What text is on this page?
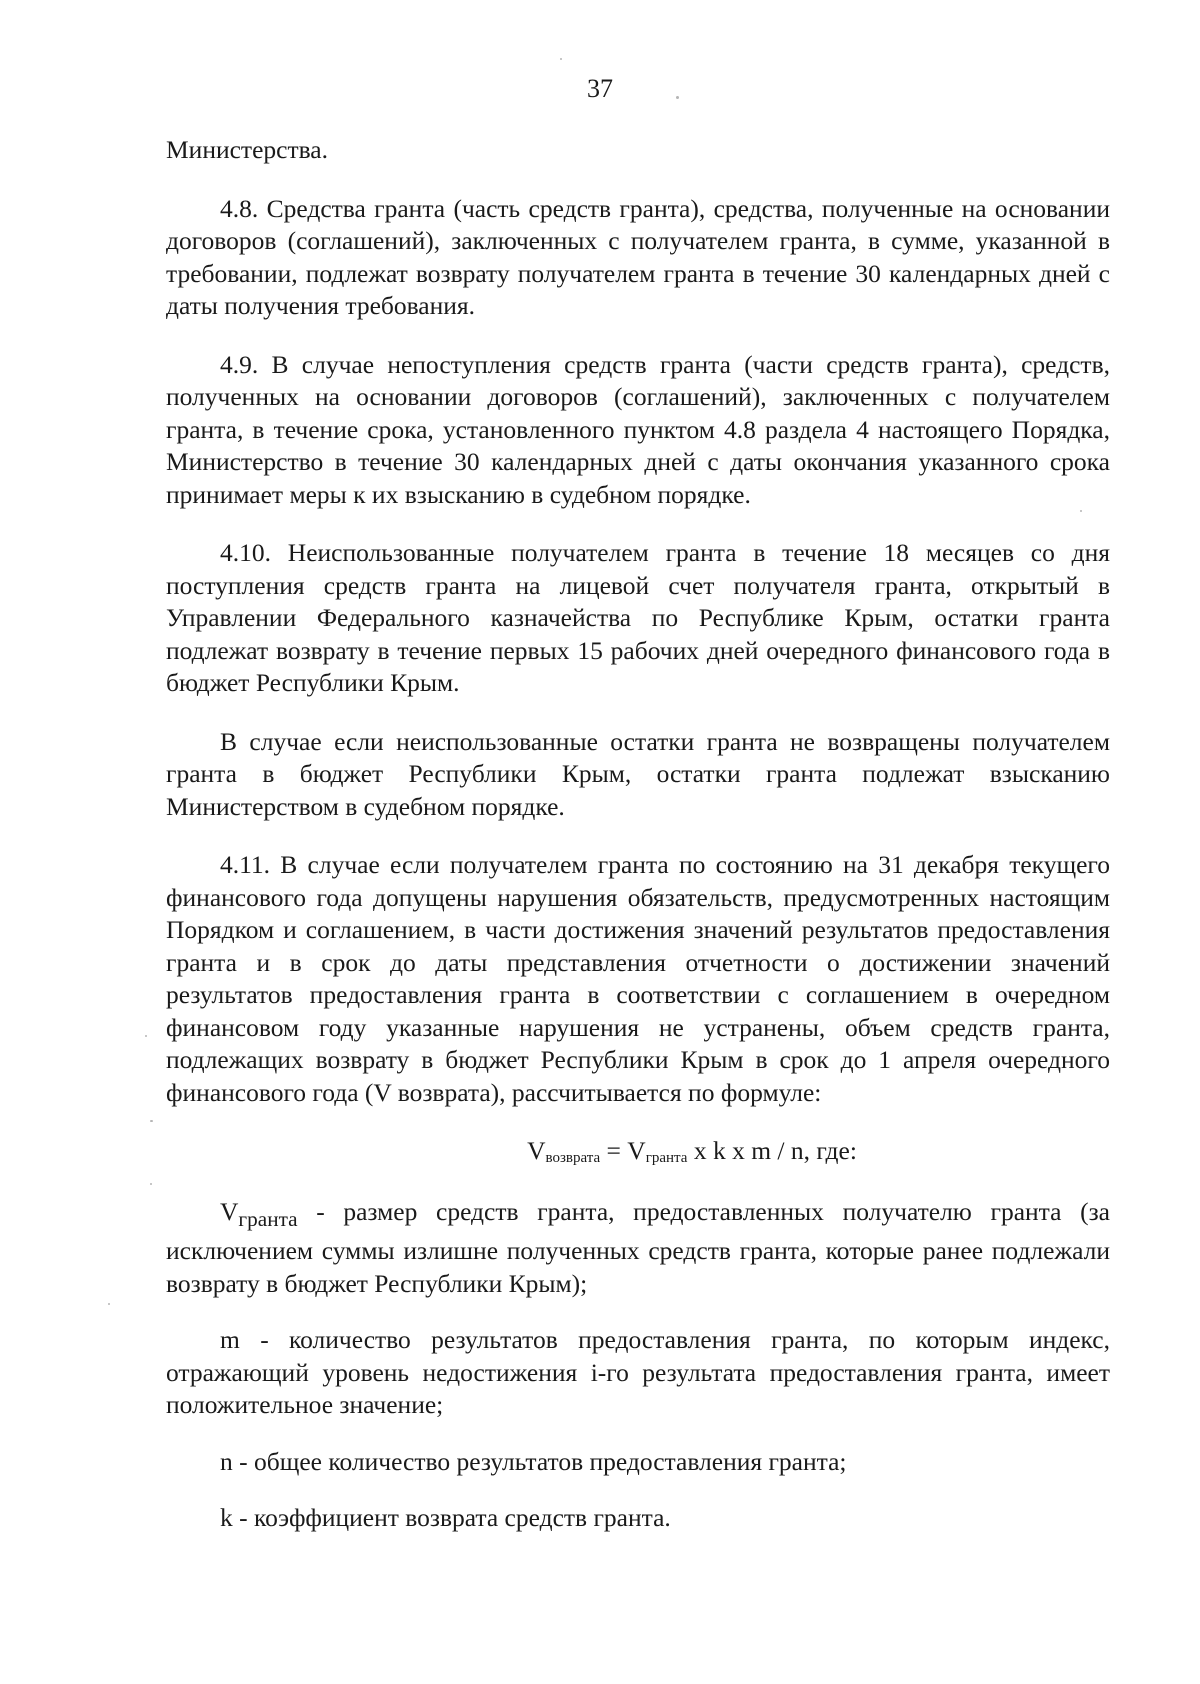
37

Министерства.

4.8. Средства гранта (часть средств гранта), средства, полученные на основании договоров (соглашений), заключенных с получателем гранта, в сумме, указанной в требовании, подлежат возврату получателем гранта в течение 30 календарных дней с даты получения требования.

4.9. В случае непоступления средств гранта (части средств гранта), средств, полученных на основании договоров (соглашений), заключенных с получателем гранта, в течение срока, установленного пунктом 4.8 раздела 4 настоящего Порядка, Министерство в течение 30 календарных дней с даты окончания указанного срока принимает меры к их взысканию в судебном порядке.

4.10. Неиспользованные получателем гранта в течение 18 месяцев со дня поступления средств гранта на лицевой счет получателя гранта, открытый в Управлении Федерального казначейства по Республике Крым, остатки гранта подлежат возврату в течение первых 15 рабочих дней очередного финансового года в бюджет Республики Крым.

В случае если неиспользованные остатки гранта не возвращены получателем гранта в бюджет Республики Крым, остатки гранта подлежат взысканию Министерством в судебном порядке.

4.11. В случае если получателем гранта по состоянию на 31 декабря текущего финансового года допущены нарушения обязательств, предусмотренных настоящим Порядком и соглашением, в части достижения значений результатов предоставления гранта и в срок до даты представления отчетности о достижении значений результатов предоставления гранта в соответствии с соглашением в очередном финансовом году указанные нарушения не устранены, объем средств гранта, подлежащих возврату в бюджет Республики Крым в срок до 1 апреля очередного финансового года (V возврата), рассчитывается по формуле:

$V_{возврата} = V_{гранта}$ x k x m / n, где:

$V_{гранта}$ - размер средств гранта, предоставленных получателю гранта (за исключением суммы излишне полученных средств гранта, которые ранее подлежали возврату в бюджет Республики Крым);

m - количество результатов предоставления гранта, по которым индекс, отражающий уровень недостижения i-го результата предоставления гранта, имеет положительное значение;

n - общее количество результатов предоставления гранта;

k - коэффициент возврата средств гранта.
